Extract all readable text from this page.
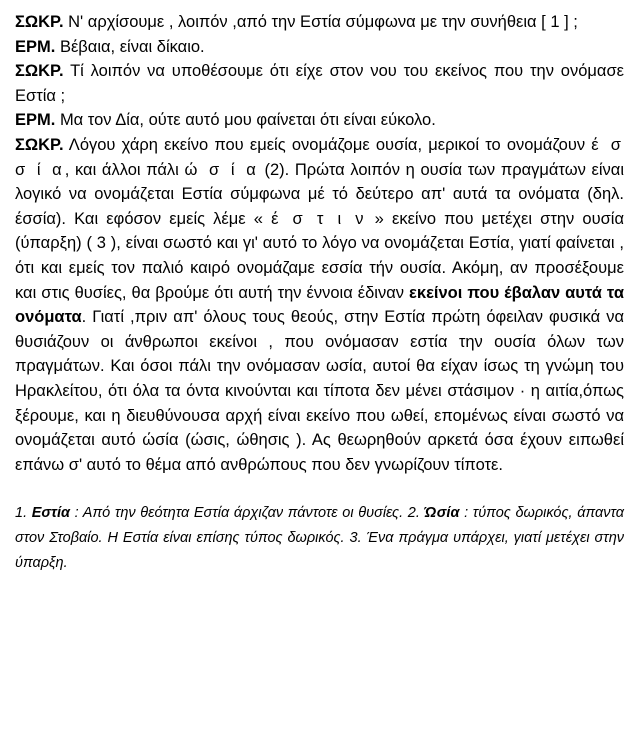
ΣΩΚΡ. Ν' αρχίσουμε , λοιπόν ,από την Εστία σύμφωνα με την συνήθεια [ 1 ] ;

ΕΡΜ. Βέβαια, είναι δίκαιο.

ΣΩΚΡ. Τί λοιπόν να υποθέσουμε ότι είχε στον νου του εκείνος που την ονόμασε Εστία ;

ΕΡΜ. Μα τον Δία, ούτε αυτό μου φαίνεται ότι είναι εύκολο.

ΣΩΚΡ. Λόγου χάρη εκείνο που εμείς ονομάζομε ουσία, μερικοί το ονομάζουν έ σ σ ί α, και άλλοι πάλι ώ σ ί α (2). Πρώτα λοιπόν η ουσία των πραγμάτων είναι λογικό να ονομάζεται Εστία σύμφωνα μέ τό δεύτερο απ' αυτά τα ονόματα (δηλ. έσσία). Και εφόσον εμείς λέμε « έ σ τ ι ν » εκείνο που μετέχει στην ουσία (ύπαρξη) ( 3 ), είναι σωστό και γι' αυτό το λόγο να ονομάζεται Εστία, γιατί φαίνεται , ότι και εμείς τον παλιό καιρό ονομάζαμε εσσία τήν ουσία. Ακόμη, αν προσέξουμε και στις θυσίες, θα βρούμε ότι αυτή την έννοια έδιναν εκείνοι που έβαλαν αυτά τα ονόματα. Γιατί ,πριν απ' όλους τους θεούς, στην Εστία πρώτη όφειλαν φυσικά να θυσιάζουν οι άνθρωποι εκείνοι , που ονόμασαν εστία την ουσία όλων των πραγμάτων. Και όσοι πάλι την ονόμασαν ωσία, αυτοί θα είχαν ίσως τη γνώμη του Ηρακλείτου, ότι όλα τα όντα κινούνται και τίποτα δεν μένει στάσιμον · η αιτία,όπως ξέρουμε, και η διευθύνουσα αρχή είναι εκείνο που ωθεί, επομένως είναι σωστό να ονομάζεται αυτό ώσία (ώσις, ώθησις ). Ας θεωρηθούν αρκετά όσα έχουν ειπωθεί επάνω σ' αυτό το θέμα από ανθρώπους που δεν γνωρίζουν τίποτε.

1. Εστία : Από την θεότητα Εστία άρχιζαν πάντοτε οι θυσίες. 2. Ώσία : τύπος δωρικός, άπαντα στον Στοβαίο. Η Εστία είναι επίσης τύπος δωρικός. 3. Ένα πράγμα υπάρχει, γιατί μετέχει στην ύπαρξη.
